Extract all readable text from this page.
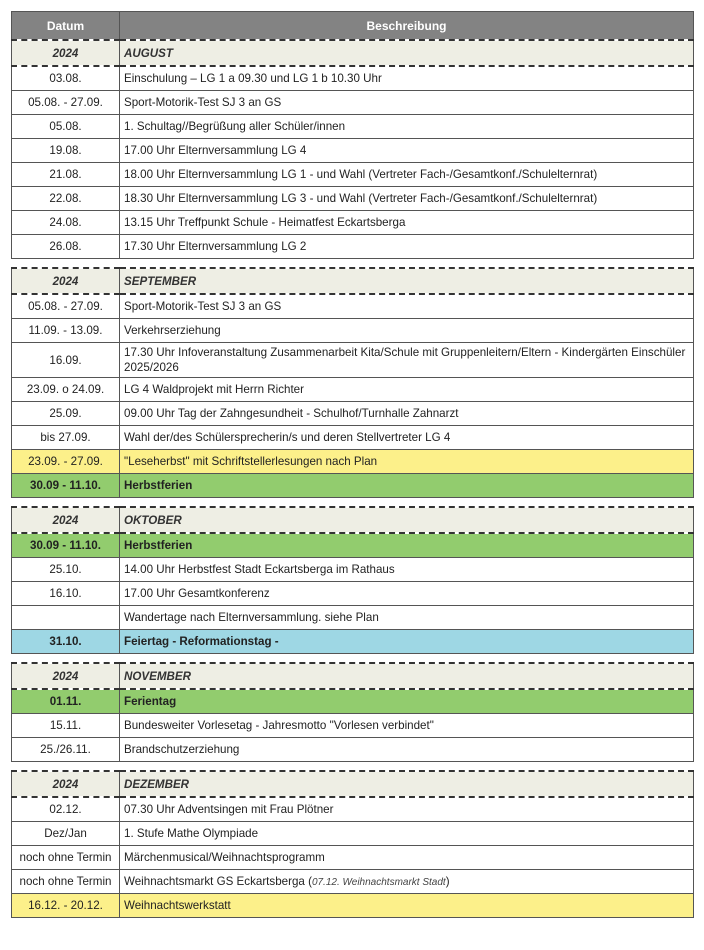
Datum	Beschreibung
2024	AUGUST
03.08.	Einschulung – LG 1 a 09.30 und LG 1 b 10.30 Uhr
05.08. - 27.09.	Sport-Motorik-Test SJ 3 an GS
05.08.	1. Schultag//Begrüßung aller Schüler/innen
19.08.	17.00 Uhr Elternversammlung LG 4
21.08.	18.00 Uhr Elternversammlung LG 1 - und Wahl (Vertreter Fach-/Gesamtkonf./Schulelternrat)
22.08.	18.30 Uhr Elternversammlung LG 3 - und Wahl (Vertreter Fach-/Gesamtkonf./Schulelternrat)
24.08.	13.15 Uhr Treffpunkt Schule - Heimatfest Eckartsberga
26.08.	17.30 Uhr Elternversammlung LG 2

2024	SEPTEMBER
05.08. - 27.09.	Sport-Motorik-Test SJ 3 an GS
11.09. - 13.09.	Verkehrserziehung
16.09.	17.30 Uhr Infoveranstaltung Zusammenarbeit Kita/Schule mit Gruppenleitern/Eltern - Kindergärten Einschüler 2025/2026
23.09. o 24.09.	LG 4 Waldprojekt mit Herrn Richter
25.09.	09.00 Uhr Tag der Zahngesundheit - Schulhof/Turnhalle Zahnarzt
bis 27.09.	Wahl der/des Schülersprecherin/s und deren Stellvertreter LG 4
23.09. - 27.09.	"Leseherbst" mit Schriftstellerlesungen nach Plan
30.09 - 11.10.	Herbstferien

2024	OKTOBER
30.09 - 11.10.	Herbstferien
25.10.	14.00 Uhr Herbstfest Stadt Eckartsberga im Rathaus
16.10.	17.00 Uhr Gesamtkonferenz
	Wandertage nach Elternversammlung. siehe Plan
31.10.	Feiertag - Reformationstag -

2024	NOVEMBER
01.11.	Ferientag
15.11.	Bundesweiter Vorlesetag - Jahresmotto "Vorlesen verbindet"
25./26.11.	Brandschutzerziehung

2024	DEZEMBER
02.12.	07.30 Uhr Adventsingen mit Frau Plötner
Dez/Jan	1. Stufe Mathe Olympiade
noch ohne Termin	Märchenmusical/Weihnachtsprogramm
noch ohne Termin	Weihnachtsmarkt GS Eckartsberga (07.12. Weihnachtsmarkt Stadt)
16.12. - 20.12.	Weihnachtswerkstatt
